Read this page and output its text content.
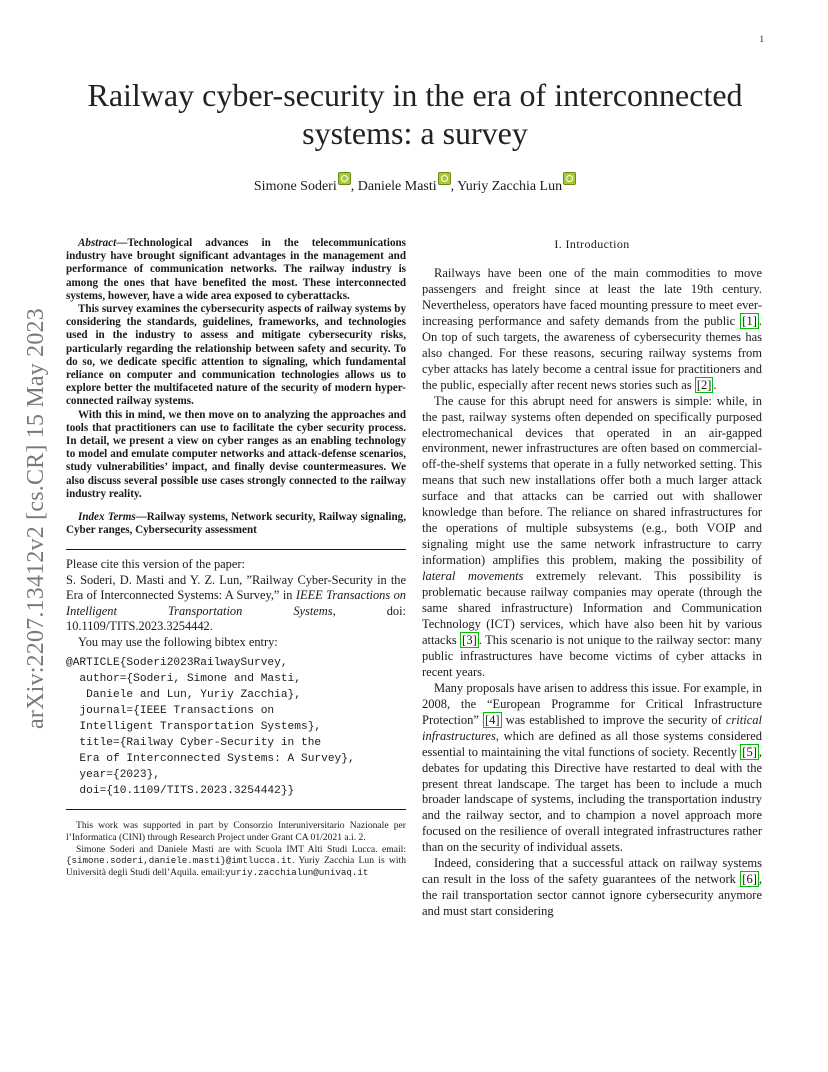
1
arXiv:2207.13412v2 [cs.CR] 15 May 2023
Railway cyber-security in the era of interconnected systems: a survey
Simone Soderi , Daniele Masti , Yuriy Zacchia Lun

Abstract—Technological advances in the telecommunications industry have brought significant advantages in the management and performance of communication networks. The railway industry is among the ones that have benefited the most. These interconnected systems, however, have a wide area exposed to cyberattacks.

This survey examines the cybersecurity aspects of railway systems by considering the standards, guidelines, frameworks, and technologies used in the industry to assess and mitigate cybersecurity risks, particularly regarding the relationship between safety and security. To do so, we dedicate specific attention to signaling, which fundamental reliance on computer and communication technologies allows us to explore better the multifaceted nature of the security of modern hyper-connected railway systems.

With this in mind, we then move on to analyzing the approaches and tools that practitioners can use to facilitate the cyber security process. In detail, we present a view on cyber ranges as an enabling technology to model and emulate computer networks and attack-defense scenarios, study vulnerabilities’ impact, and finally devise countermeasures. We also discuss several possible use cases strongly connected to the railway industry reality.

Index Terms—Railway systems, Network security, Railway signaling, Cyber ranges, Cybersecurity assessment

Please cite this version of the paper:

S. Soderi, D. Masti and Y. Z. Lun, ”Railway Cyber-Security in the Era of Interconnected Systems: A Survey,” in IEEE Transactions on Intelligent Transportation Systems, doi: 10.1109/TITS.2023.3254442.

You may use the following bibtex entry:

@ARTICLE{Soderi2023RailwaySurvey,
author={Soderi, Simone and Masti,
Daniele and Lun, Yuriy Zacchia},
journal={IEEE Transactions on
Intelligent Transportation Systems},
title={Railway Cyber-Security in the
Era of Interconnected Systems: A Survey},
year={2023},
doi={10.1109/TITS.2023.3254442}}

This work was supported in part by Consorzio Interuniversitario Nazionale per l’Informatica (CINI) through Research Project under Grant CA 01/2021 a.i. 2.

Simone Soderi and Daniele Masti are with Scuola IMT Alti Studi Lucca. email: {simone.soderi,daniele.masti}@imtlucca.it. Yuriy Zacchia Lun is with Università degli Studi dell’Aquila. email:yuriy.zacchialun@univaq.it

I. Introduction

Railways have been one of the main commodities to move passengers and freight since at least the late 19th century. Nevertheless, operators have faced mounting pressure to meet ever-increasing performance and safety demands from the public [1] . On top of such targets, the awareness of cybersecurity themes has also changed. For these reasons, securing railway systems from cyber attacks has lately become a central issue for practitioners and the public, especially after recent news stories such as [2] .

The cause for this abrupt need for answers is simple: while, in the past, railway systems often depended on specifically purposed electromechanical devices that operated in an air-gapped environment, newer infrastructures are often based on commercial-off-the-shelf systems that operate in a fully networked setting. This means that such new installations offer both a much larger attack surface and that attacks can be carried out with shallower knowledge than before. The reliance on shared infrastructures for the operations of multiple subsystems (e.g., both VOIP and signaling might use the same network infrastructure to carry information) amplifies this problem, making the possibility of lateral movements extremely relevant. This possibility is problematic because railway companies may operate (through the same shared infrastructure) Information and Communication Technology (ICT) services, which have also been hit by various attacks [3] . This scenario is not unique to the railway sector: many public infrastructures have become victims of cyber attacks in recent years.

Many proposals have arisen to address this issue. For example, in 2008, the “European Programme for Critical Infrastructure Protection” [4] was established to improve the security of critical infrastructures, which are defined as all those systems considered essential to maintaining the vital functions of society. Recently [5] , debates for updating this Directive have restarted to deal with the present threat landscape. The target has been to include a much broader landscape of systems, including the transportation industry and the railway sector, and to champion a novel approach more focused on the resilience of overall integrated infrastructures rather than on the security of individual assets.

Indeed, considering that a successful attack on railway systems can result in the loss of the safety guarantees of the network [6] , the rail transportation sector cannot ignore cybersecurity anymore and must start considering
